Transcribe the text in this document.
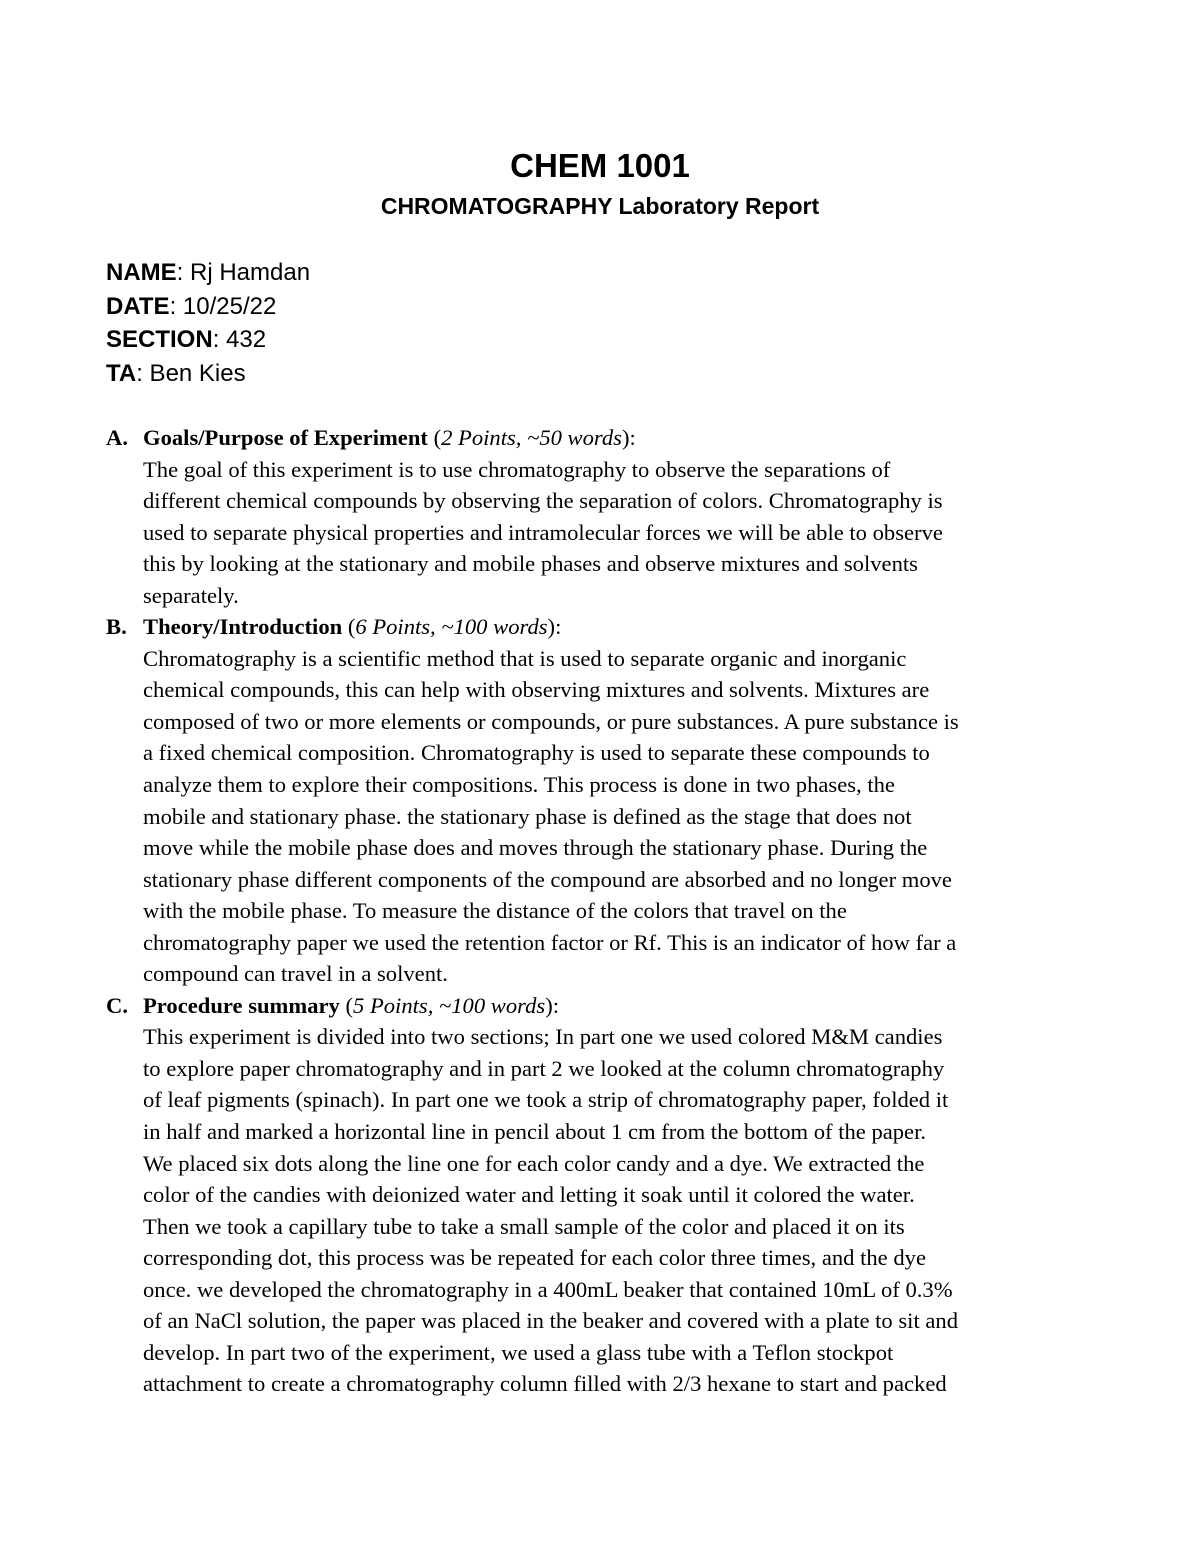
CHEM 1001
CHROMATOGRAPHY Laboratory Report
NAME: Rj Hamdan
DATE: 10/25/22
SECTION: 432
TA: Ben Kies
A. Goals/Purpose of Experiment (2 Points, ~50 words):
The goal of this experiment is to use chromatography to observe the separations of
different chemical compounds by observing the separation of colors. Chromatography is
used to separate physical properties and intramolecular forces we will be able to observe
this by looking at the stationary and mobile phases and observe mixtures and solvents
separately.
B. Theory/Introduction (6 Points, ~100 words):
Chromatography is a scientific method that is used to separate organic and inorganic
chemical compounds, this can help with observing mixtures and solvents. Mixtures are
composed of two or more elements or compounds, or pure substances. A pure substance is
a fixed chemical composition. Chromatography is used to separate these compounds to
analyze them to explore their compositions. This process is done in two phases, the
mobile and stationary phase. the stationary phase is defined as the stage that does not
move while the mobile phase does and moves through the stationary phase. During the
stationary phase different components of the compound are absorbed and no longer move
with the mobile phase. To measure the distance of the colors that travel on the
chromatography paper we used the retention factor or Rf. This is an indicator of how far a
compound can travel in a solvent.
C. Procedure summary (5 Points, ~100 words):
This experiment is divided into two sections; In part one we used colored M&M candies
to explore paper chromatography and in part 2 we looked at the column chromatography
of leaf pigments (spinach). In part one we took a strip of chromatography paper, folded it
in half and marked a horizontal line in pencil about 1 cm from the bottom of the paper.
We placed six dots along the line one for each color candy and a dye. We extracted the
color of the candies with deionized water and letting it soak until it colored the water.
Then we took a capillary tube to take a small sample of the color and placed it on its
corresponding dot, this process was be repeated for each color three times, and the dye
once. we developed the chromatography in a 400mL beaker that contained 10mL of 0.3%
of an NaCl solution, the paper was placed in the beaker and covered with a plate to sit and
develop. In part two of the experiment, we used a glass tube with a Teflon stockpot
attachment to create a chromatography column filled with 2/3 hexane to start and packed
